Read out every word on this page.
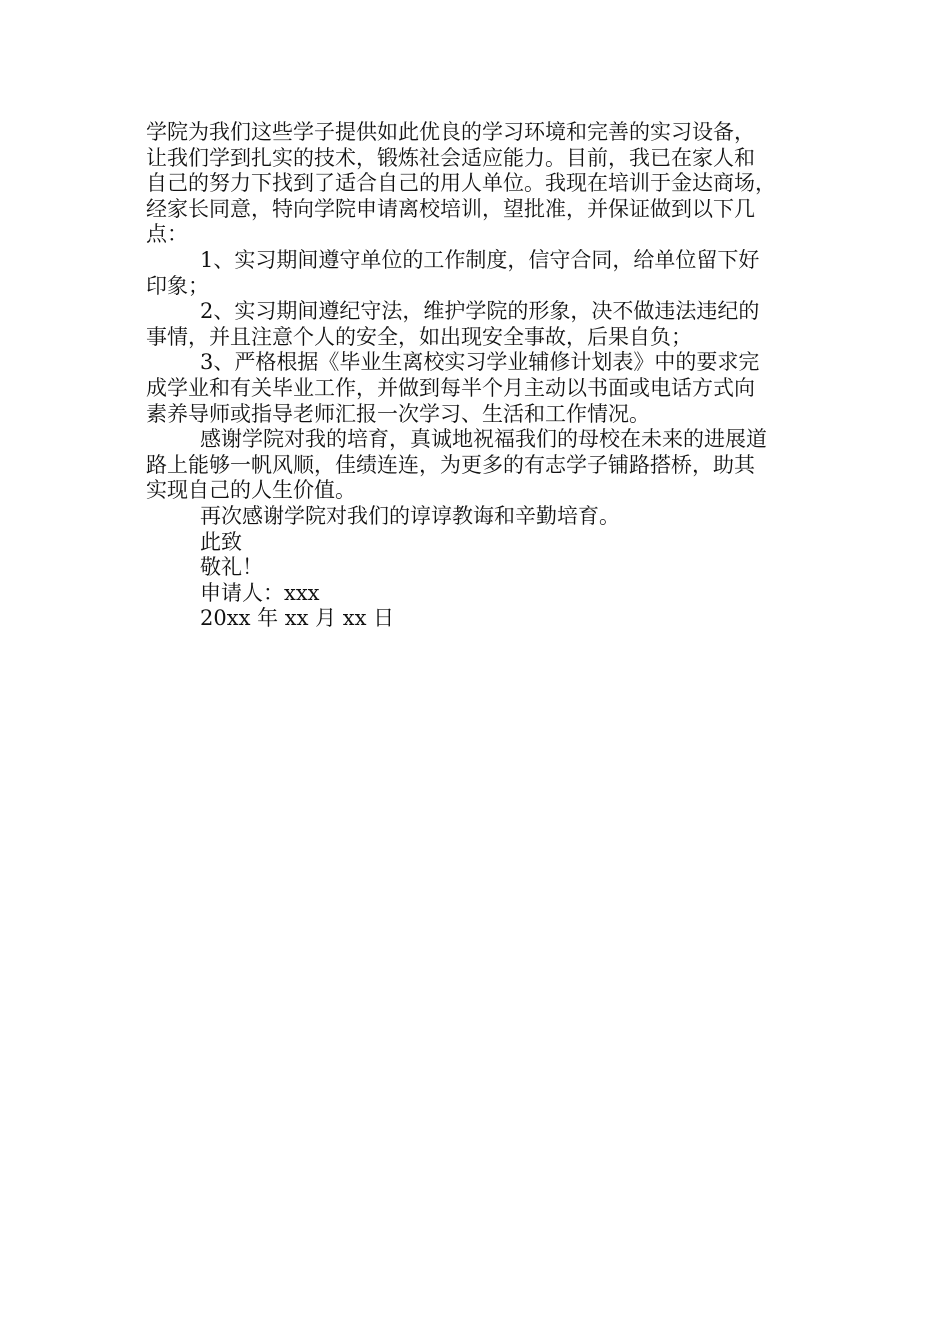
学院为我们这些学子提供如此优良的学习环境和完善的实习设备，
让我们学到扎实的技术，锻炼社会适应能力。目前，我已在家人和
自己的努力下找到了适合自己的用人单位。我现在培训于金达商场，
经家长同意，特向学院申请离校培训，望批准，并保证做到以下几
点：

1、实习期间遵守单位的工作制度，信守合同，给单位留下好
印象；

2、实习期间遵纪守法，维护学院的形象，决不做违法违纪的
事情，并且注意个人的安全，如出现安全事故，后果自负；

3、严格根据《毕业生离校实习学业辅修计划表》中的要求完
成学业和有关毕业工作，并做到每半个月主动以书面或电话方式向
素养导师或指导老师汇报一次学习、生活和工作情况。

感谢学院对我的培育，真诚地祝福我们的母校在未来的进展道
路上能够一帆风顺，佳绩连连，为更多的有志学子铺路搭桥，助其
实现自己的人生价值。

再次感谢学院对我们的谆谆教诲和辛勤培育。

此致

敬礼！

申请人：xxx

20xx 年 xx 月 xx 日
